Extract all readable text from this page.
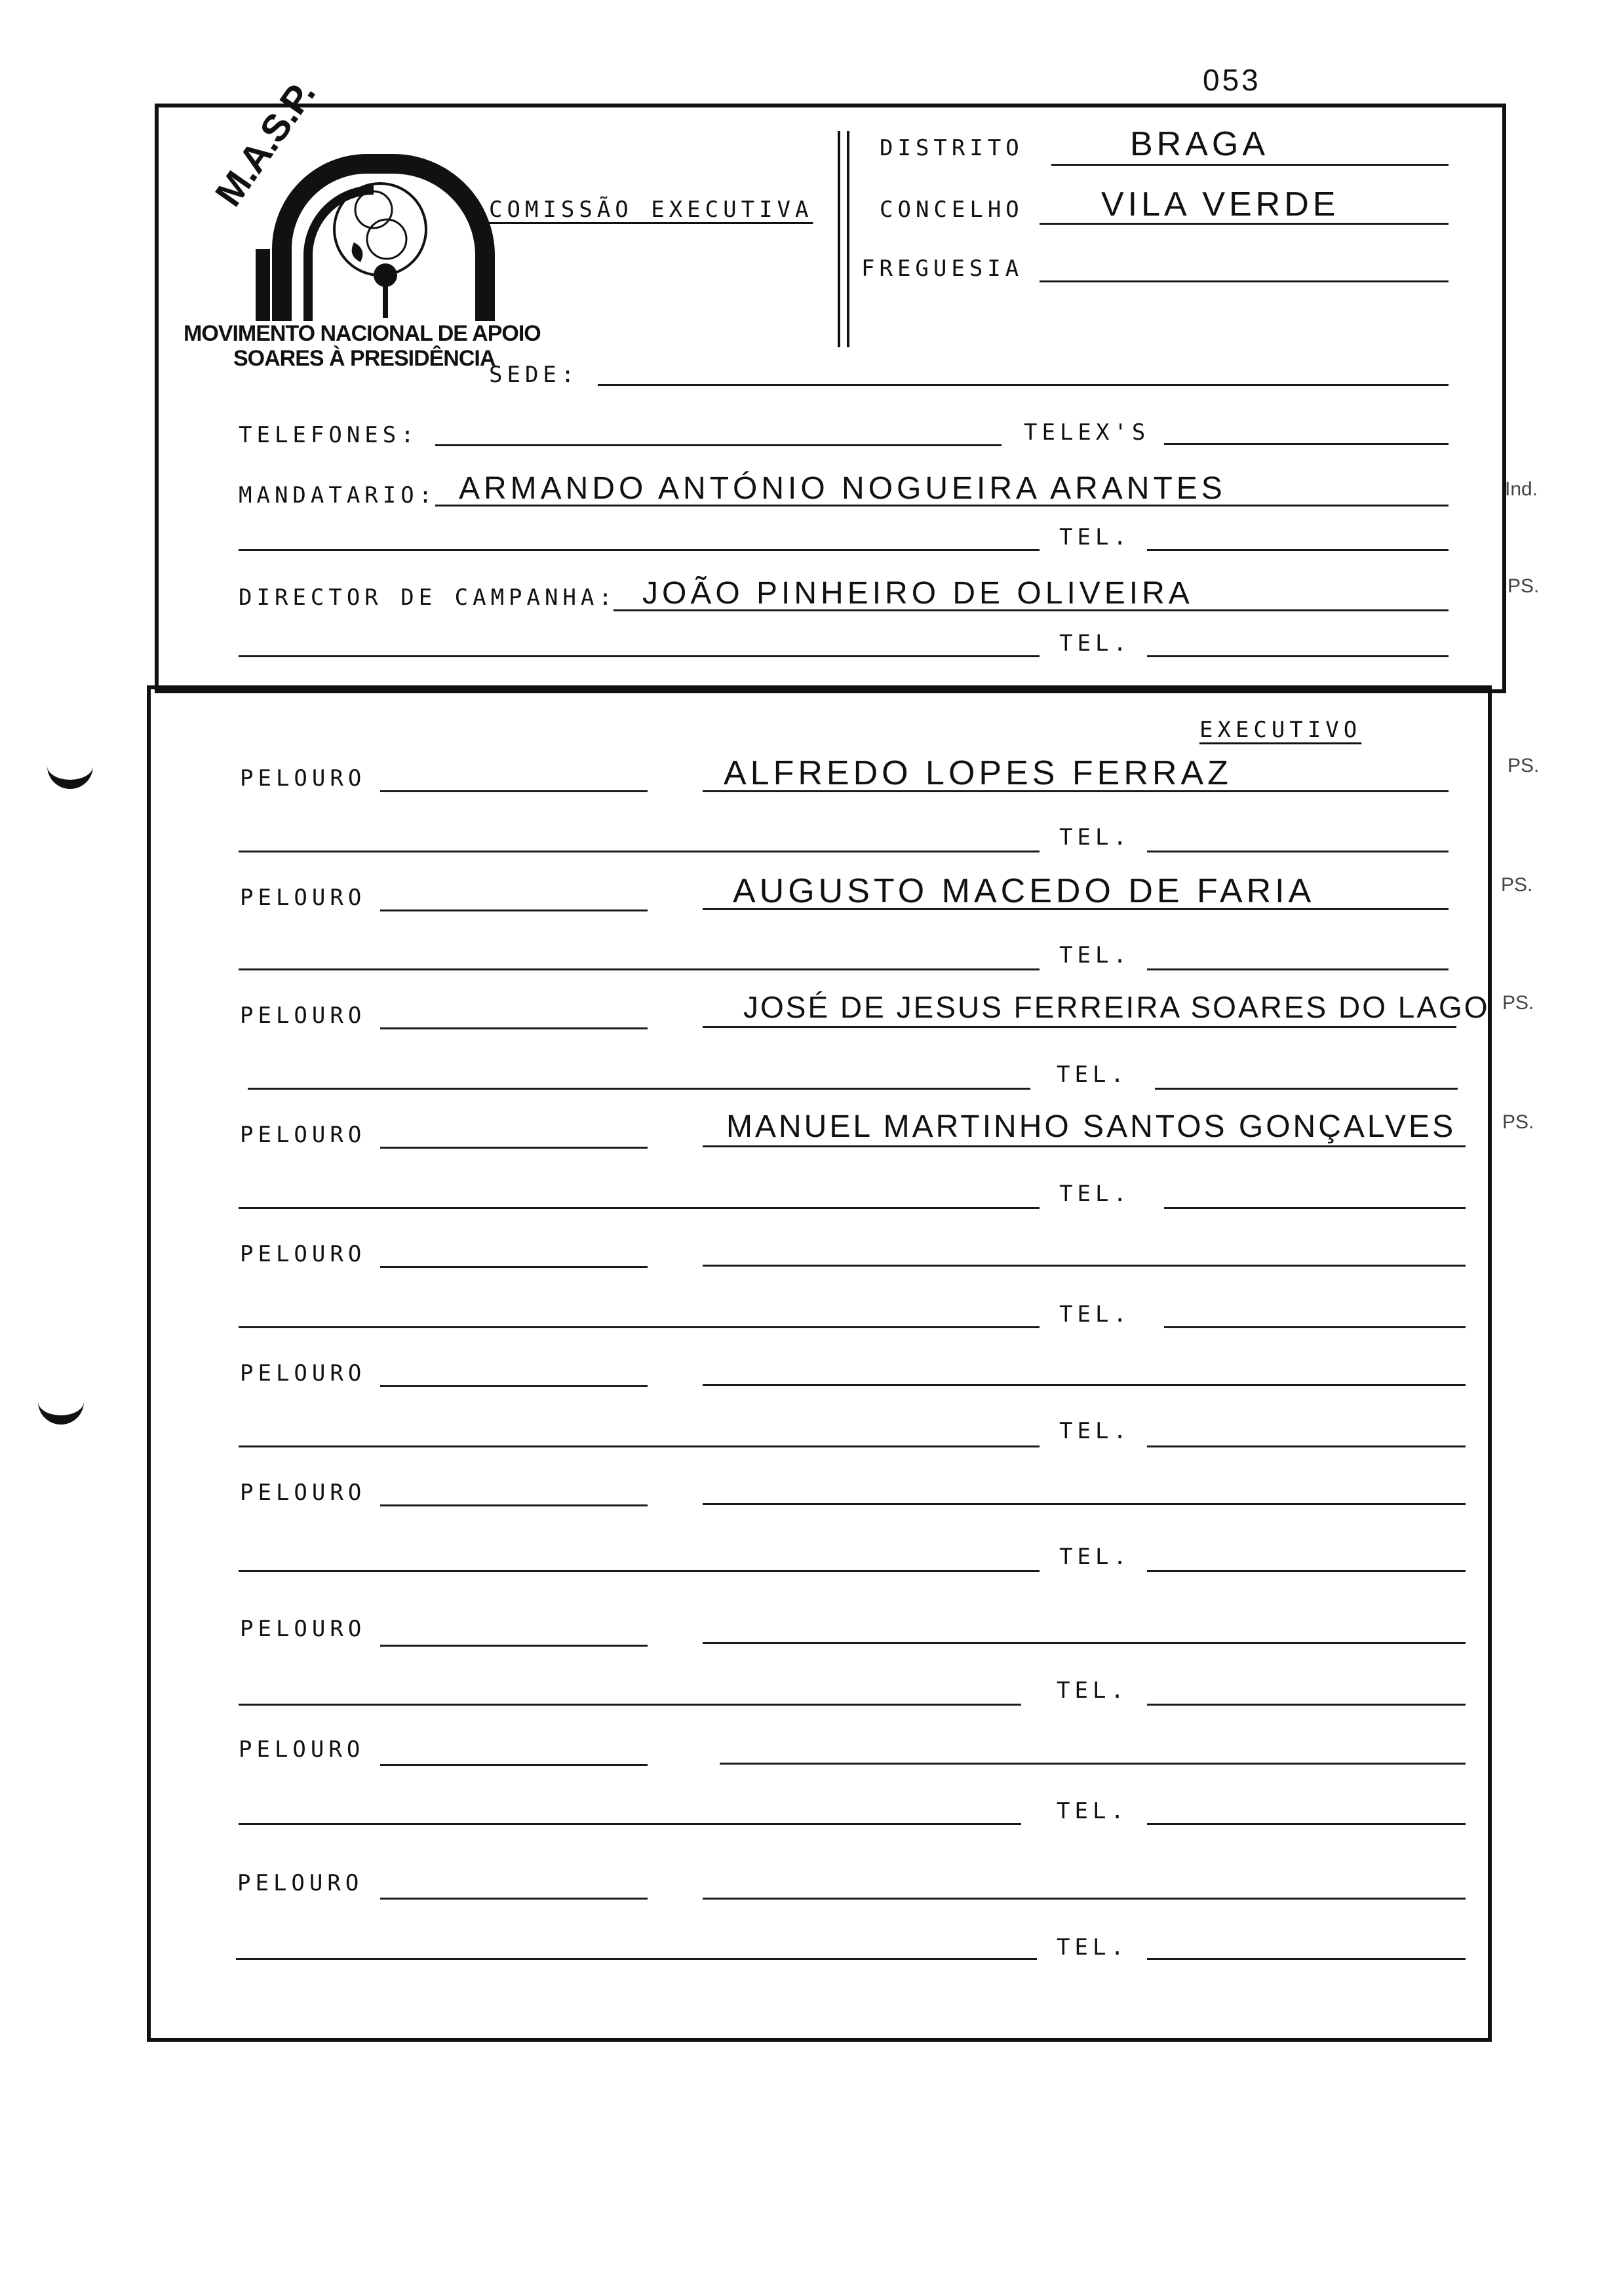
053
M.A.S.P.
MOVIMENTO NACIONAL DE APOIO
SOARES À PRESIDÊNCIA
COMISSÃO EXECUTIVA
DISTRITO	BRAGA
CONCELHO VILA VERDE
FREGUESIA
SEDE:
TELEFONES:	TELEX'S
MANDATARIO: ARMANDO ANTÓNIO NOGUEIRA ARANTES	Ind.
TEL.
DIRECTOR DE CAMPANHA: JOÃO PINHEIRO DE OLIVEIRA	PS.
TEL.
EXECUTIVO
PELOURO	ALFREDO LOPES FERRAZ	PS.
TEL.
PELOURO	AUGUSTO MACEDO DE FARIA	PS.
TEL.
PELOURO	JOSÉ DE JESUS FERREIRA SOARES DO LAGO PS.
TEL.
PELOURO	MANUEL MARTINHO SANTOS GONÇALVES PS.
TEL.
PELOURO
TEL.
PELOURO
TEL.
PELOURO
TEL.
PELOURO
TEL.
PELOURO
TEL.
PELOURO
TEL.
